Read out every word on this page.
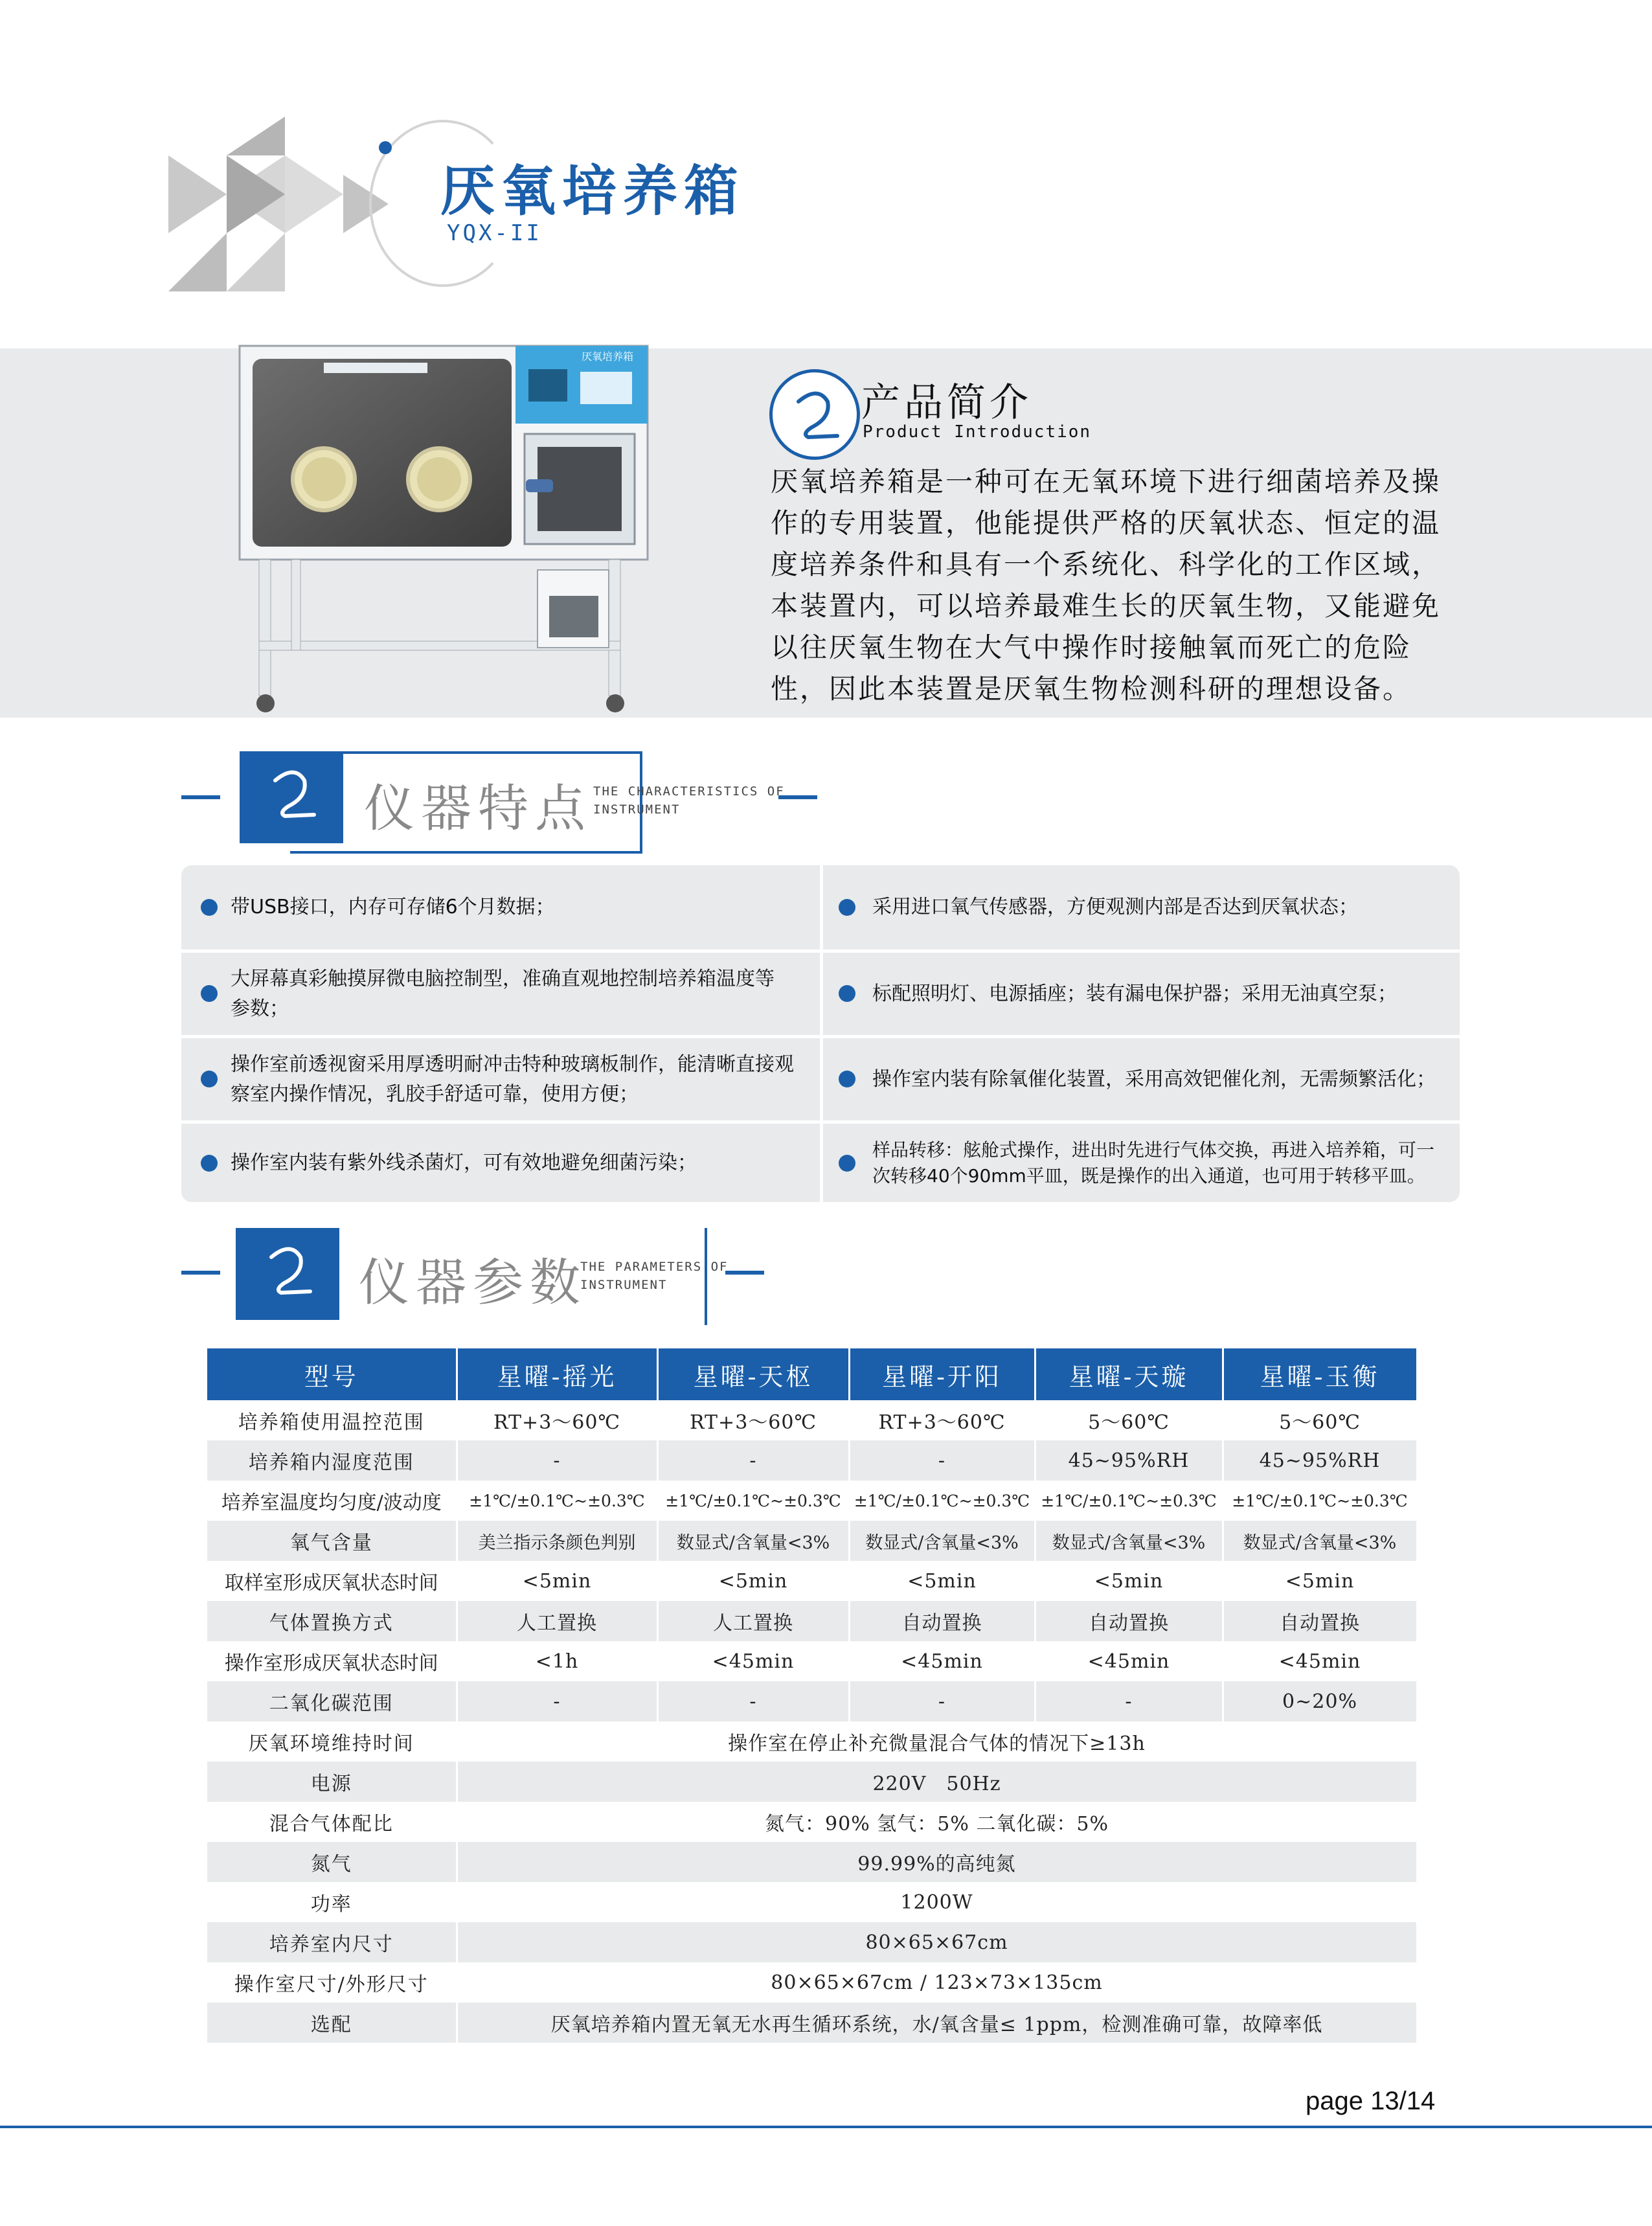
厌氧培养箱
YQX-II
厌氧培养箱
产品简介
Product Introduction
厌氧培养箱是一种可在无氧环境下进行细菌培养及操作的专用装置，他能提供严格的厌氧状态、恒定的温度培养条件和具有一个系统化、科学化的工作区域，本装置内，可以培养最难生长的厌氧生物，又能避免以往厌氧生物在大气中操作时接触氧而死亡的危险性，因此本装置是厌氧生物检测科研的理想设备。
仪器特点 THE CHARACTERISTICS OF
INSTRUMENT
带USB接口，内存可存储6个月数据；	采用进口氧气传感器，方便观测内部是否达到厌氧状态；
大屏幕真彩触摸屏微电脑控制型，准确直观地控制培养箱温度等参数；
标配照明灯、电源插座；装有漏电保护器；采用无油真空泵；
操作室前透视窗采用厚透明耐冲击特种玻璃板制作，能清晰直接观察室内操作情况，乳胶手舒适可靠，使用方便；
操作室内装有除氧催化装置，采用高效钯催化剂，无需频繁活化；
操作室内装有紫外线杀菌灯，可有效地避免细菌污染；
样品转移：舷舱式操作，进出时先进行气体交换，再进入培养箱，可一次转移40个90mm平皿，既是操作的出入通道，也可用于转移平皿。
仪器参数
THE PARAMETERS OF
INSTRUMENT
型号	星曜-摇光	星曜-天枢	星曜-开阳	星曜-天璇	星曜-玉衡
培养箱使用温控范围	RT+3～60℃	RT+3～60℃	RT+3～60℃	5～60℃	5～60℃
培养箱内湿度范围	-	-	-	45~95%RH	45~95%RH
培养室温度均匀度/波动度	±1℃/±0.1℃~±0.3℃	±1℃/±0.1℃~±0.3℃	±1℃/±0.1℃~±0.3℃	±1℃/±0.1℃~±0.3℃	±1℃/±0.1℃~±0.3℃
氧气含量	美兰指示条颜色判别	数显式/含氧量<3%	数显式/含氧量<3%	数显式/含氧量<3%	数显式/含氧量<3%
取样室形成厌氧状态时间	<5min	<5min	<5min	<5min	<5min
气体置换方式	人工置换	人工置换	自动置换	自动置换	自动置换
操作室形成厌氧状态时间	<1h	<45min	<45min	<45min	<45min
二氧化碳范围	-	-	-	-	0~20%
厌氧环境维持时间	操作室在停止补充微量混合气体的情况下≥13h				
电源	220V　50Hz				
混合气体配比	氮气：90% 氢气：5% 二氧化碳：5%				
氮气	99.99%的高纯氮				
功率	1200W				
培养室内尺寸	80×65×67cm				
操作室尺寸/外形尺寸	80×65×67cm / 123×73×135cm				
选配	厌氧培养箱内置无氧无水再生循环系统，水/氧含量≤ 1ppm，检测准确可靠，故障率低				
page 13/14
